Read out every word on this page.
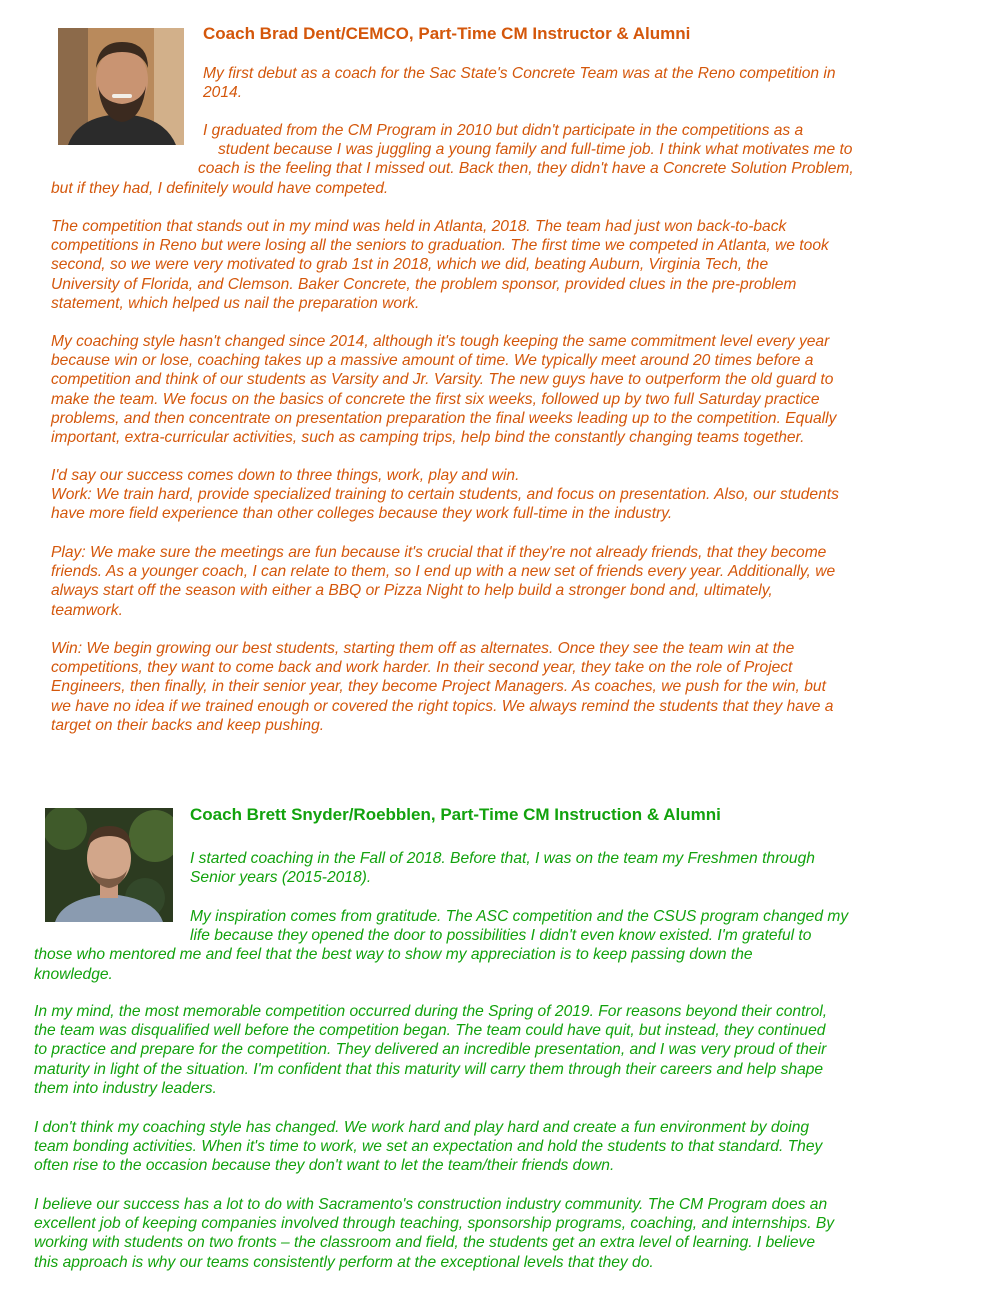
Coach Brad Dent/CEMCO, Part-Time CM Instructor & Alumni
My first debut as a coach for the Sac State's Concrete Team was at the Reno competition in
2014.
I graduated from the CM Program in 2010 but didn't participate in the competitions as a
student because I was juggling a young family and full-time job. I think what motivates me to
coach is the feeling that I missed out. Back then, they didn't have a Concrete Solution Problem,
but if they had, I definitely would have competed.
The competition that stands out in my mind was held in Atlanta, 2018. The team had just won back-to-back
competitions in Reno but were losing all the seniors to graduation. The first time we competed in Atlanta, we took
second, so we were very motivated to grab 1st in 2018, which we did, beating Auburn, Virginia Tech, the
University of Florida, and Clemson. Baker Concrete, the problem sponsor, provided clues in the pre-problem
statement, which helped us nail the preparation work.
My coaching style hasn't changed since 2014, although it's tough keeping the same commitment level every year
because win or lose, coaching takes up a massive amount of time. We typically meet around 20 times before a
competition and think of our students as Varsity and Jr. Varsity. The new guys have to outperform the old guard to
make the team. We focus on the basics of concrete the first six weeks, followed up by two full Saturday practice
problems, and then concentrate on presentation preparation the final weeks leading up to the competition. Equally
important, extra-curricular activities, such as camping trips, help bind the constantly changing teams together.
I'd say our success comes down to three things, work, play and win.
Work: We train hard, provide specialized training to certain students, and focus on presentation. Also, our students
have more field experience than other colleges because they work full-time in the industry.
Play: We make sure the meetings are fun because it's crucial that if they're not already friends, that they become
friends. As a younger coach, I can relate to them, so I end up with a new set of friends every year. Additionally, we
always start off the season with either a BBQ or Pizza Night to help build a stronger bond and, ultimately,
teamwork.
Win: We begin growing our best students, starting them off as alternates. Once they see the team win at the
competitions, they want to come back and work harder. In their second year, they take on the role of Project
Engineers, then finally, in their senior year, they become Project Managers. As coaches, we push for the win, but
we have no idea if we trained enough or covered the right topics. We always remind the students that they have a
target on their backs and keep pushing.
Coach Brett Snyder/Roebblen, Part-Time CM Instruction & Alumni
I started coaching in the Fall of 2018. Before that, I was on the team my Freshmen through
Senior years (2015-2018).
My inspiration comes from gratitude. The ASC competition and the CSUS program changed my
life because they opened the door to possibilities I didn't even know existed. I'm grateful to
those who mentored me and feel that the best way to show my appreciation is to keep passing down the
knowledge.
In my mind, the most memorable competition occurred during the Spring of 2019. For reasons beyond their control,
the team was disqualified well before the competition began. The team could have quit, but instead, they continued
to practice and prepare for the competition. They delivered an incredible presentation, and I was very proud of their
maturity in light of the situation. I'm confident that this maturity will carry them through their careers and help shape
them into industry leaders.
I don't think my coaching style has changed. We work hard and play hard and create a fun environment by doing
team bonding activities. When it's time to work, we set an expectation and hold the students to that standard. They
often rise to the occasion because they don't want to let the team/their friends down.
I believe our success has a lot to do with Sacramento's construction industry community. The CM Program does an
excellent job of keeping companies involved through teaching, sponsorship programs, coaching, and internships. By
working with students on two fronts – the classroom and field, the students get an extra level of learning. I believe
this approach is why our teams consistently perform at the exceptional levels that they do.
